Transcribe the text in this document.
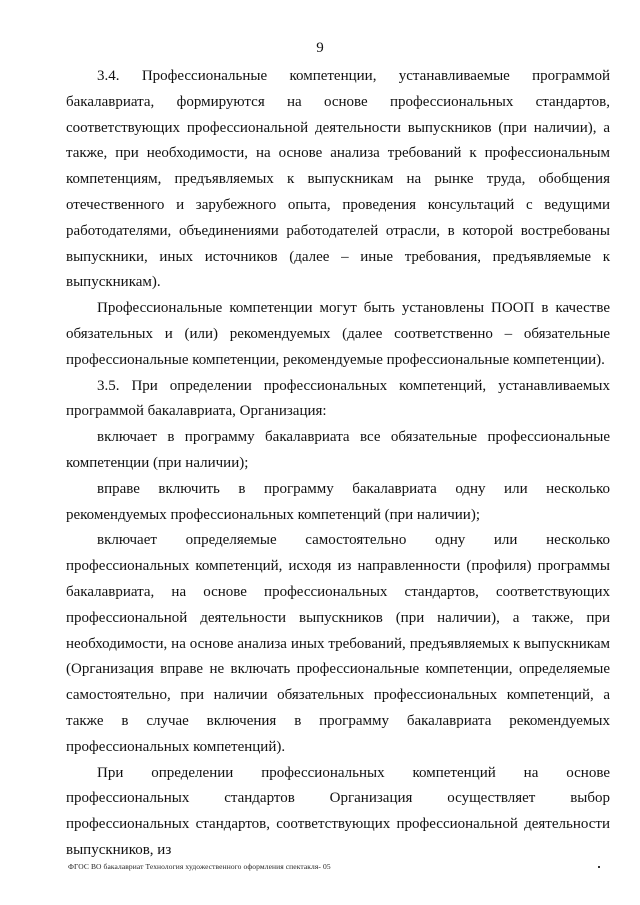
9

3.4. Профессиональные компетенции, устанавливаемые программой бакалавриата, формируются на основе профессиональных стандартов, соответствующих профессиональной деятельности выпускников (при наличии), а также, при необходимости, на основе анализа требований к профессиональным компетенциям, предъявляемых к выпускникам на рынке труда, обобщения отечественного и зарубежного опыта, проведения консультаций с ведущими работодателями, объединениями работодателей отрасли, в которой востребованы выпускники, иных источников (далее – иные требования, предъявляемые к выпускникам).

Профессиональные компетенции могут быть установлены ПООП в качестве обязательных и (или) рекомендуемых (далее соответственно – обязательные профессиональные компетенции, рекомендуемые профессиональные компетенции).

3.5. При определении профессиональных компетенций, устанавливаемых программой бакалавриата, Организация:

включает в программу бакалавриата все обязательные профессиональные компетенции (при наличии);

вправе включить в программу бакалавриата одну или несколько рекомендуемых профессиональных компетенций (при наличии);

включает определяемые самостоятельно одну или несколько профессиональных компетенций, исходя из направленности (профиля) программы бакалавриата, на основе профессиональных стандартов, соответствующих профессиональной деятельности выпускников (при наличии), а также, при необходимости, на основе анализа иных требований, предъявляемых к выпускникам (Организация вправе не включать профессиональные компетенции, определяемые самостоятельно, при наличии обязательных профессиональных компетенций, а также в случае включения в программу бакалавриата рекомендуемых профессиональных компетенций).

При определении профессиональных компетенций на основе профессиональных стандартов Организация осуществляет выбор профессиональных стандартов, соответствующих профессиональной деятельности выпускников, из

ФГОС ВО бакалавриат Технология художественного оформления спектакля- 05
